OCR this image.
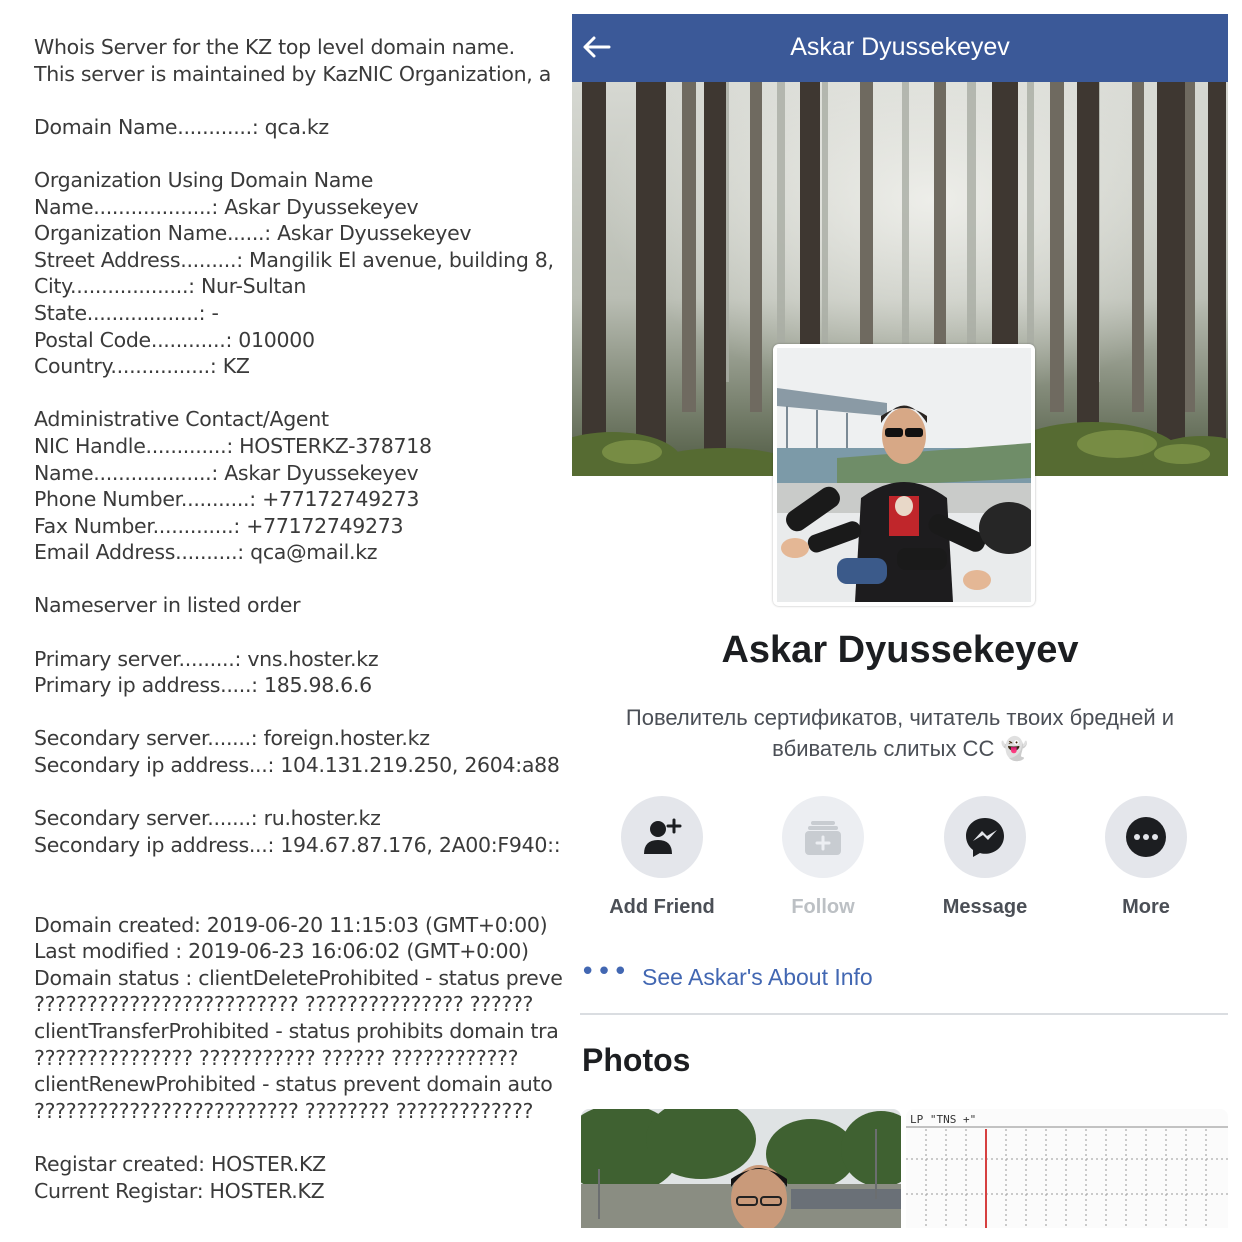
Whois Server for the KZ top level domain name.
This server is maintained by KazNIC Organization, a
Domain Name............: qca.kz
Organization Using Domain Name
Name...................: Askar Dyussekeyev
Organization Name......: Askar Dyussekeyev
Street Address.........: Mangilik El avenue, building 8,
City...................: Nur-Sultan
State..................: -
Postal Code............: 010000
Country................: KZ
Administrative Contact/Agent
NIC Handle.............: HOSTERKZ-378718
Name...................: Askar Dyussekeyev
Phone Number...........: +77172749273
Fax Number.............: +77172749273
Email Address..........: qca@mail.kz
Nameserver in listed order
Primary server.........: vns.hoster.kz
Primary ip address.....: 185.98.6.6
Secondary server.......: foreign.hoster.kz
Secondary ip address...: 104.131.219.250, 2604:a88
Secondary server.......: ru.hoster.kz
Secondary ip address...: 194.67.87.176, 2A00:F940::
Domain created: 2019-06-20 11:15:03 (GMT+0:00)
Last modified : 2019-06-23 16:06:02 (GMT+0:00)
Domain status : clientDeleteProhibited - status preve
????????????????????????? ??????????????? ??????
clientTransferProhibited - status prohibits domain tra
??????????????? ??????????? ?????? ????????????
clientRenewProhibited - status prevent domain auto
????????????????????????? ???????? ?????????????
Registar created: HOSTER.KZ
Current Registar: HOSTER.KZ
Askar Dyussekeyev
Askar Dyussekeyev
Повелитель сертификатов, читатель твоих бредней и
вбиватель слитых СС 👻
Add Friend	Follow	Message	More
••• See Askar's About Info
Photos
LP "TNS +"
